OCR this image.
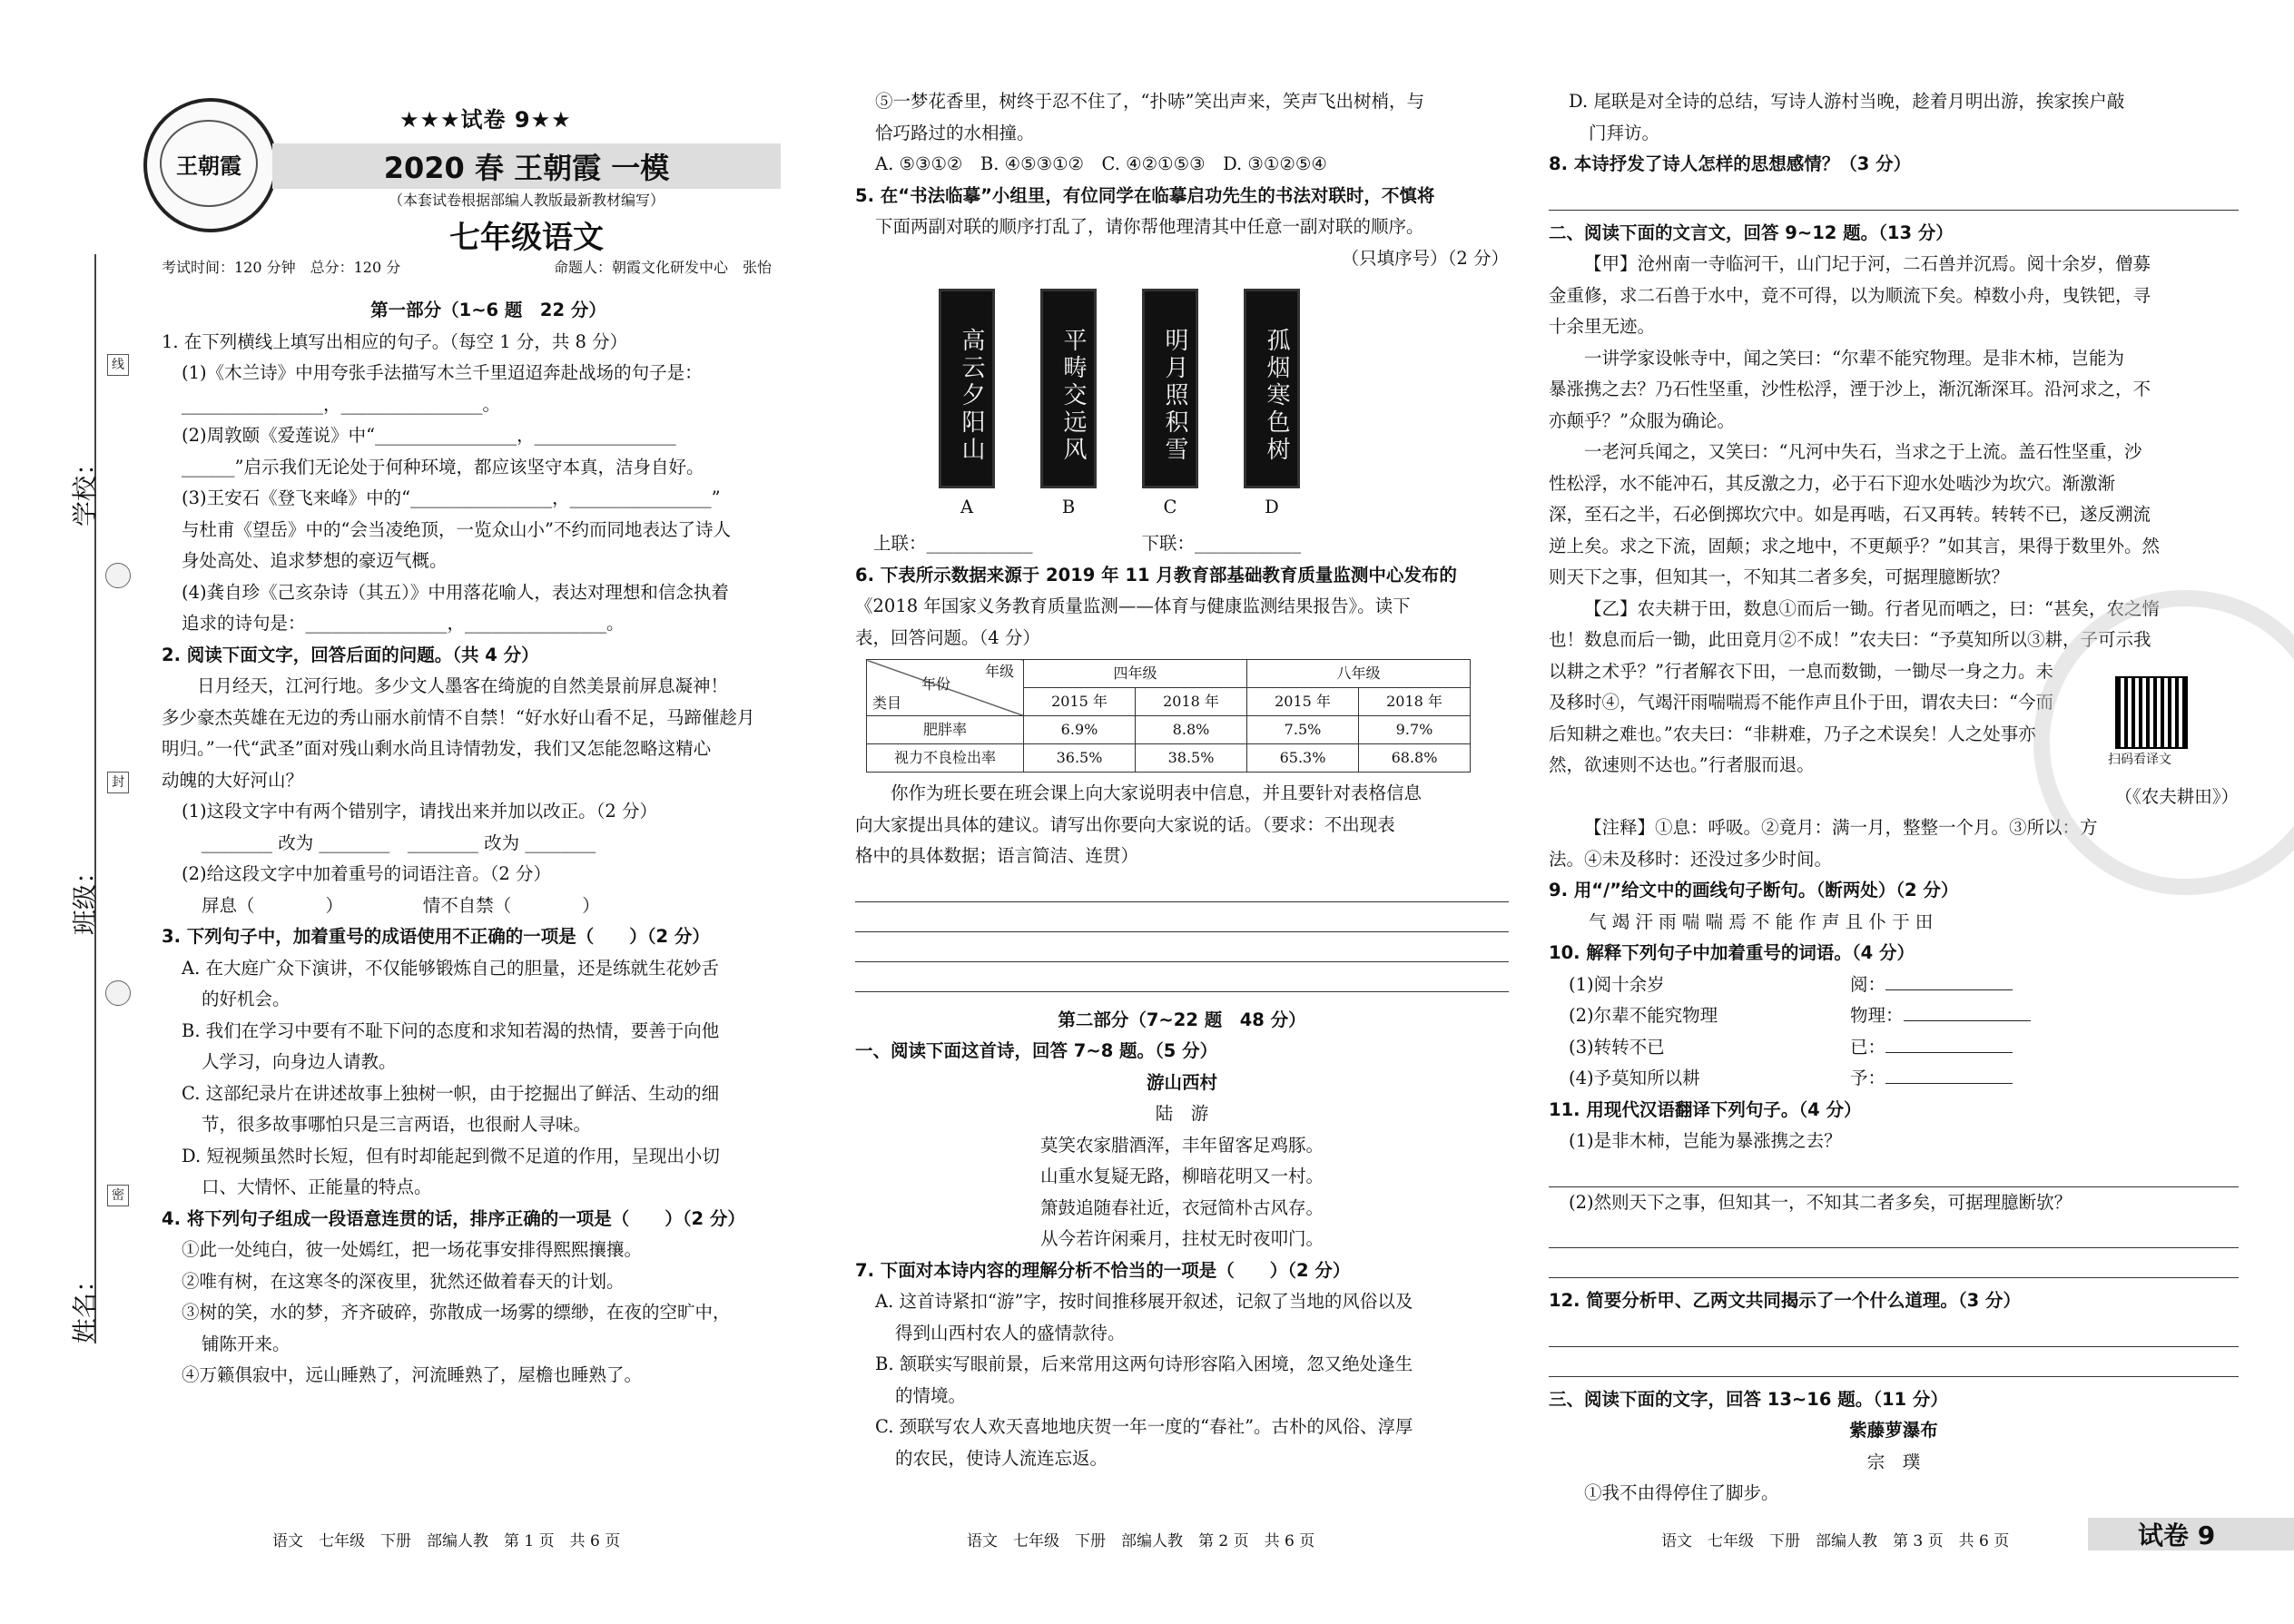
线
封
密
学校：
班级：
姓名：
王朝霞
★★★试卷 9★★
2020 春 王朝霞 一模
（本套试卷根据部编人教版最新教材编写）
七年级语文
考试时间：120 分钟　总分：120 分	命题人：朝霞文化研发中心　张怡

第一部分（1~6 题　22 分）

1. 在下列横线上填写出相应的句子。（每空 1 分，共 8 分）

(1)《木兰诗》中用夸张手法描写木兰千里迢迢奔赴战场的句子是：

________________，________________。

(2)周敦颐《爱莲说》中“________________，________________

______”启示我们无论处于何种环境，都应该坚守本真，洁身自好。

(3)王安石《登飞来峰》中的“________________，________________”

与杜甫《望岳》中的“会当凌绝顶，一览众山小”不约而同地表达了诗人

身处高处、追求梦想的豪迈气概。

(4)龚自珍《己亥杂诗（其五）》中用落花喻人，表达对理想和信念执着

追求的诗句是：________________，________________。

2. 阅读下面文字，回答后面的问题。（共 4 分）

日月经天，江河行地。多少文人墨客在绮旎的自然美景前屏息凝神！

多少豪杰英雄在无边的秀山丽水前情不自禁！“好水好山看不足，马蹄催趁月

明归。”一代“武圣”面对残山剩水尚且诗情勃发，我们又怎能忽略这精心

动魄的大好河山？

(1)这段文字中有两个错别字，请找出来并加以改正。（2 分）

________ 改为 ________　________ 改为 ________

(2)给这段文字中加着重号的词语注音。（2 分）

屏息（　　　　）　　　　　情不自禁（　　　　）

3. 下列句子中，加着重号的成语使用不正确的一项是（　　）（2 分）

A. 在大庭广众下演讲，不仅能够锻炼自己的胆量，还是练就生花妙舌

的好机会。

B. 我们在学习中要有不耻下问的态度和求知若渴的热情，要善于向他

人学习，向身边人请教。

C. 这部纪录片在讲述故事上独树一帜，由于挖掘出了鲜活、生动的细

节，很多故事哪怕只是三言两语，也很耐人寻味。

D. 短视频虽然时长短，但有时却能起到微不足道的作用，呈现出小切

口、大情怀、正能量的特点。

4. 将下列句子组成一段语意连贯的话，排序正确的一项是（　　）（2 分）

①此一处纯白，彼一处嫣红，把一场花事安排得熙熙攘攘。

②唯有树，在这寒冬的深夜里，犹然还做着春天的计划。

③树的笑，水的梦，齐齐破碎，弥散成一场雾的缥缈，在夜的空旷中，

铺陈开来。

④万籁俱寂中，远山睡熟了，河流睡熟了，屋檐也睡熟了。

⑤一梦花香里，树终于忍不住了，“扑哧”笑出声来，笑声飞出树梢，与

恰巧路过的水相撞。

A. ⑤③①②　B. ④⑤③①②　C. ④②①⑤③　D. ③①②⑤④

5. 在“书法临摹”小组里，有位同学在临摹启功先生的书法对联时，不慎将

下面两副对联的顺序打乱了，请你帮他理清其中任意一副对联的顺序。

（只填序号）（2 分）

高云夕阳山
A
平畴交远风
B
明月照积雪
C
孤烟寒色树
D
上联：____________	下联：____________

6. 下表所示数据来源于 2019 年 11 月教育部基础教育质量监测中心发布的

《2018 年国家义务教育质量监测——体育与健康监测结果报告》。读下

表，回答问题。（4 分）

年级
年份
类目	四年级		八年级	
	2015 年	2018 年	2015 年	2018 年
肥胖率	6.9%	8.8%	7.5%	9.7%
视力不良检出率	36.5%	38.5%	65.3%	68.8%

你作为班长要在班会课上向大家说明表中信息，并且要针对表格信息

向大家提出具体的建议。请写出你要向大家说的话。（要求：不出现表

格中的具体数据；语言简洁、连贯）

第二部分（7~22 题　48 分）

一、阅读下面这首诗，回答 7~8 题。（5 分）

游山西村

陆　游

莫笑农家腊酒浑，丰年留客足鸡豚。

山重水复疑无路，柳暗花明又一村。

箫鼓追随春社近，衣冠简朴古风存。

从今若许闲乘月，拄杖无时夜叩门。

7. 下面对本诗内容的理解分析不恰当的一项是（　　）（2 分）

A. 这首诗紧扣“游”字，按时间推移展开叙述，记叙了当地的风俗以及

得到山西村农人的盛情款待。

B. 颔联实写眼前景，后来常用这两句诗形容陷入困境，忽又绝处逢生

的情境。

C. 颈联写农人欢天喜地地庆贺一年一度的“春社”。古朴的风俗、淳厚

的农民，使诗人流连忘返。

D. 尾联是对全诗的总结，写诗人游村当晚，趁着月明出游，挨家挨户敲

门拜访。

8. 本诗抒发了诗人怎样的思想感情？（3 分）

二、阅读下面的文言文，回答 9~12 题。（13 分）

【甲】沧州南一寺临河干，山门圮于河，二石兽并沉焉。阅十余岁，僧募

金重修，求二石兽于水中，竟不可得，以为顺流下矣。棹数小舟，曳铁钯，寻

十余里无迹。

一讲学家设帐寺中，闻之笑曰：“尔辈不能究物理。是非木柿，岂能为

暴涨携之去？乃石性坚重，沙性松浮，湮于沙上，渐沉渐深耳。沿河求之，不

亦颠乎？”众服为确论。

一老河兵闻之，又笑曰：“凡河中失石，当求之于上流。盖石性坚重，沙

性松浮，水不能冲石，其反激之力，必于石下迎水处啮沙为坎穴。渐激渐

深，至石之半，石必倒掷坎穴中。如是再啮，石又再转。转转不已，遂反溯流

逆上矣。求之下流，固颠；求之地中，不更颠乎？”如其言，果得于数里外。然

则天下之事，但知其一，不知其二者多矣，可据理臆断欤？

【乙】农夫耕于田，数息①而后一锄。行者见而哂之，曰：“甚矣，农之惰

也！数息而后一锄，此田竟月②不成！”农夫曰：“予莫知所以③耕，子可示我

以耕之术乎？”行者解衣下田，一息而数锄，一锄尽一身之力。未

及移时④，气竭汗雨喘喘焉不能作声且仆于田，谓农夫曰：“今而

后知耕之难也。”农夫曰：“非耕难，乃子之术误矣！人之处事亦

然，欲速则不达也。”行者服而退。

（《农夫耕田》）

【注释】①息：呼吸。②竟月：满一月，整整一个月。③所以：方

法。④未及移时：还没过多少时间。

9. 用“/”给文中的画线句子断句。（断两处）（2 分）

气 竭 汗 雨 喘 喘 焉 不 能 作 声 且 仆 于 田

10. 解释下列句子中加着重号的词语。（4 分）

(1)阅十余岁	阅：
(2)尔辈不能究物理	物理：
(3)转转不已	已：
(4)予莫知所以耕	予：

11. 用现代汉语翻译下列句子。（4 分）

(1)是非木柿，岂能为暴涨携之去？

(2)然则天下之事，但知其一，不知其二者多矣，可据理臆断欤？

12. 简要分析甲、乙两文共同揭示了一个什么道理。（3 分）

三、阅读下面的文字，回答 13~16 题。（11 分）

紫藤萝瀑布

宗　璞

①我不由得停住了脚步。

扫码看译文
语文　七年级　下册　部编人教　第 1 页　共 6 页	语文　七年级　下册　部编人教　第 2 页　共 6 页	语文　七年级　下册　部编人教　第 3 页　共 6 页	试卷 9
